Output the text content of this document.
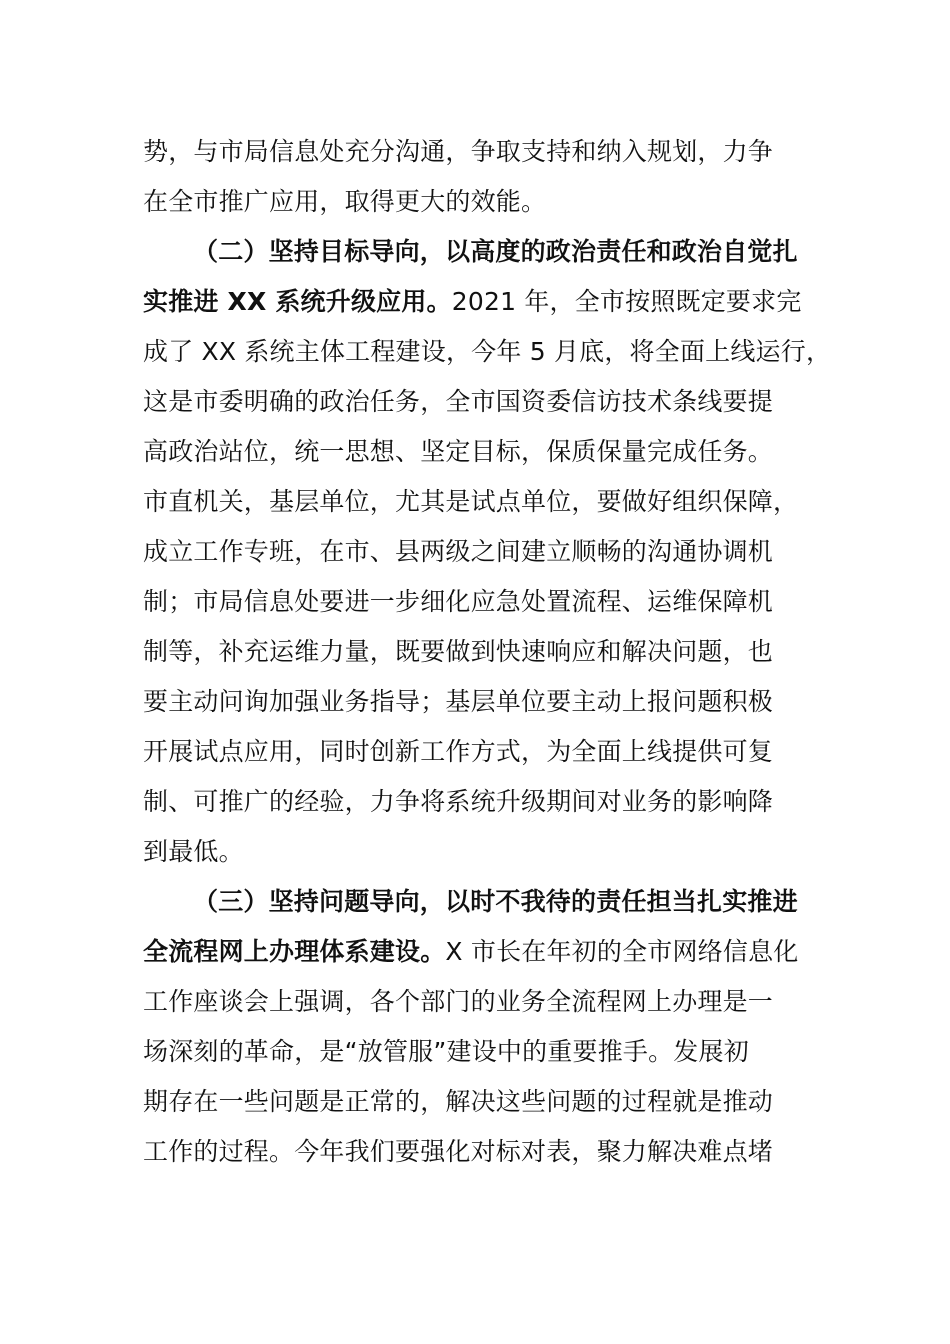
势，与市局信息处充分沟通，争取支持和纳入规划，力争
在全市推广应用，取得更大的效能。
（二）坚持目标导向，以高度的政治责任和政治自觉扎
实推进 XX 系统升级应用。2021 年，全市按照既定要求完
成了 XX 系统主体工程建设，今年 5 月底，将全面上线运行，
这是市委明确的政治任务，全市国资委信访技术条线要提
高政治站位，统一思想、坚定目标，保质保量完成任务。
市直机关，基层单位，尤其是试点单位，要做好组织保障，
成立工作专班，在市、县两级之间建立顺畅的沟通协调机
制；市局信息处要进一步细化应急处置流程、运维保障机
制等，补充运维力量，既要做到快速响应和解决问题，也
要主动问询加强业务指导；基层单位要主动上报问题积极
开展试点应用，同时创新工作方式，为全面上线提供可复
制、可推广的经验，力争将系统升级期间对业务的影响降
到最低。
（三）坚持问题导向，以时不我待的责任担当扎实推进
全流程网上办理体系建设。X 市长在年初的全市网络信息化
工作座谈会上强调，各个部门的业务全流程网上办理是一
场深刻的革命，是“放管服”建设中的重要推手。发展初
期存在一些问题是正常的，解决这些问题的过程就是推动
工作的过程。今年我们要强化对标对表，聚力解决难点堵
